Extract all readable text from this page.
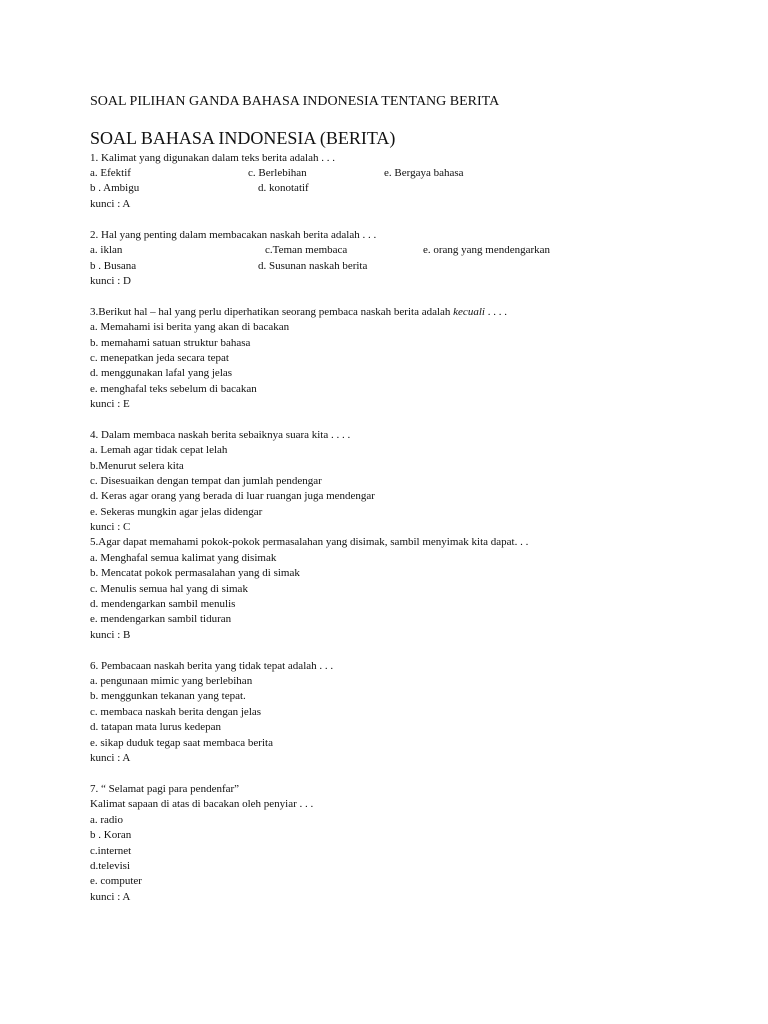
SOAL PILIHAN GANDA BAHASA INDONESIA TENTANG BERITA
SOAL BAHASA INDONESIA (BERITA)
1. Kalimat yang digunakan dalam teks berita adalah . . .
a. Efektif	c. Berlebihan	e. Bergaya bahasa
b . Ambigu	d. konotatif
kunci : A
2. Hal yang penting dalam membacakan naskah berita adalah . . .
a. iklan	c.Teman membaca	e. orang yang mendengarkan
b . Busana	d. Susunan naskah berita
kunci : D
3.Berikut hal – hal yang perlu diperhatikan seorang pembaca naskah berita adalah kecuali . . . .
a. Memahami isi berita yang akan di bacakan
b. memahami satuan struktur bahasa
c. menepatkan jeda secara tepat
d. menggunakan lafal yang jelas
e. menghafal teks sebelum di bacakan
kunci : E
4. Dalam membaca naskah berita sebaiknya suara kita . . . .
a. Lemah agar tidak cepat lelah
b.Menurut selera kita
c. Disesuaikan dengan tempat dan jumlah pendengar
d. Keras agar orang yang berada di luar ruangan juga mendengar
e. Sekeras mungkin agar jelas didengar
kunci : C
5.Agar dapat memahami pokok-pokok permasalahan yang disimak, sambil menyimak kita dapat. . .
a. Menghafal semua kalimat yang disimak
b. Mencatat pokok permasalahan yang di simak
c. Menulis semua hal yang di simak
d. mendengarkan sambil menulis
e. mendengarkan sambil tiduran
kunci : B
6. Pembacaan naskah berita yang tidak tepat adalah . . .
a. pengunaan mimic yang berlebihan
b. menggunkan tekanan yang tepat.
c. membaca naskah berita dengan jelas
d. tatapan mata lurus kedepan
e. sikap duduk tegap saat membaca berita
kunci : A
7. “ Selamat pagi para pendenfar”
Kalimat sapaan di atas di bacakan oleh penyiar . . .
a. radio
b . Koran
c.internet
d.televisi
e. computer
kunci : A
